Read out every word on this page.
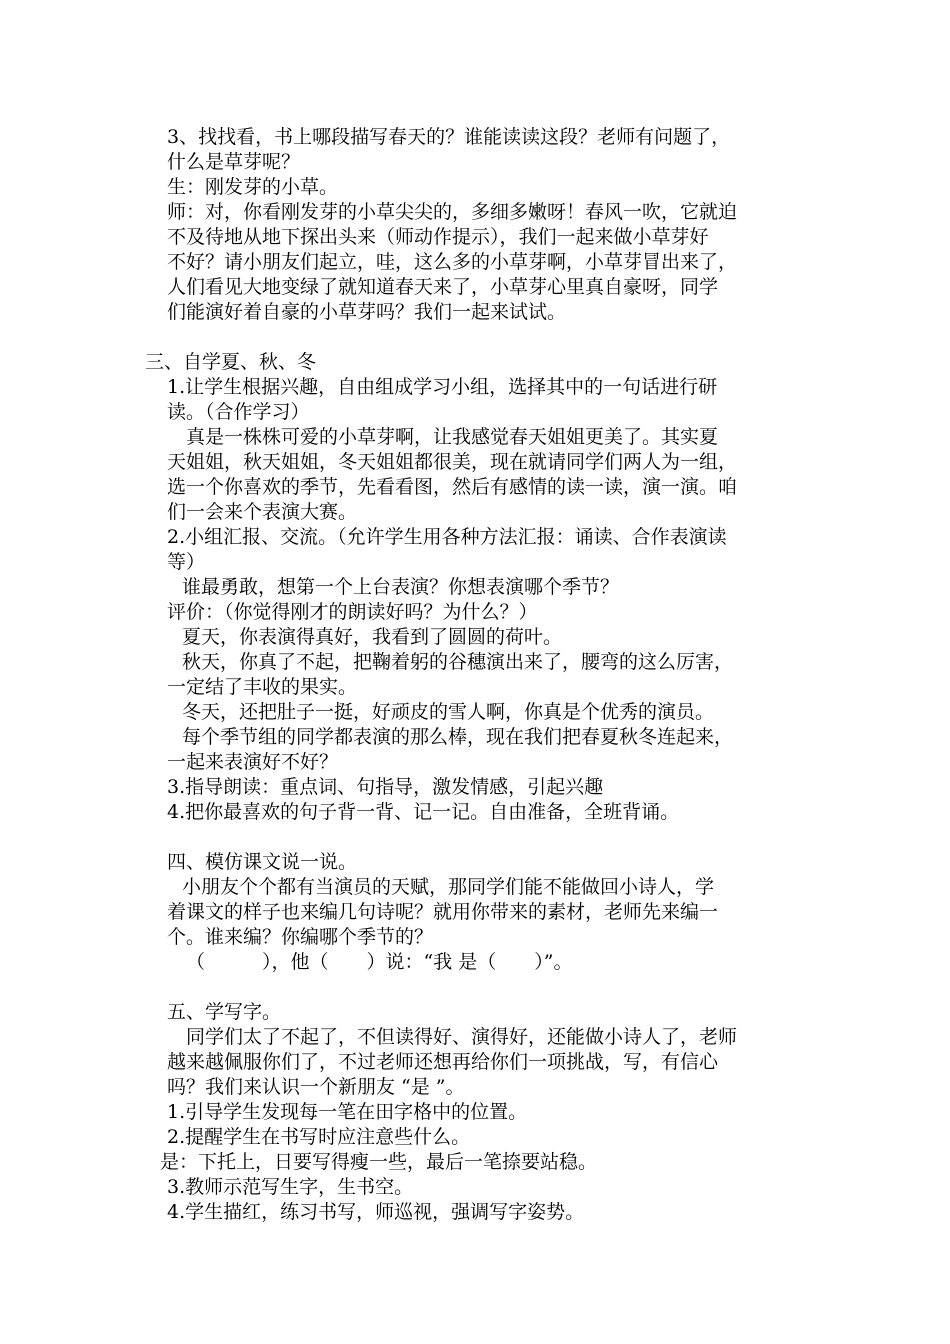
3、找找看，书上哪段描写春天的？谁能读读这段？老师有问题了，
什么是草芽呢？
生：刚发芽的小草。
师：对，你看刚发芽的小草尖尖的，多细多嫩呀！春风一吹，它就迫
不及待地从地下探出头来（师动作提示），我们一起来做小草芽好
不好？请小朋友们起立，哇，这么多的小草芽啊，小草芽冒出来了，
人们看见大地变绿了就知道春天来了，小草芽心里真自豪呀，同学
们能演好着自豪的小草芽吗？我们一起来试试。
三、自学夏、秋、冬
1.让学生根据兴趣，自由组成学习小组，选择其中的一句话进行研
读。（合作学习）
真是一株株可爱的小草芽啊，让我感觉春天姐姐更美了。其实夏
天姐姐，秋天姐姐，冬天姐姐都很美，现在就请同学们两人为一组，
选一个你喜欢的季节，先看看图，然后有感情的读一读，演一演。咱
们一会来个表演大赛。
2.小组汇报、交流。（允许学生用各种方法汇报：诵读、合作表演读
等）
谁最勇敢，想第一个上台表演？你想表演哪个季节？
评价：（你觉得刚才的朗读好吗？为什么？）
夏天，你表演得真好，我看到了圆圆的荷叶。
秋天，你真了不起，把鞠着躬的谷穗演出来了，腰弯的这么厉害，
一定结了丰收的果实。
冬天，还把肚子一挺，好顽皮的雪人啊，你真是个优秀的演员。
每个季节组的同学都表演的那么棒，现在我们把春夏秋冬连起来，
一起来表演好不好？
3.指导朗读：重点词、句指导，激发情感，引起兴趣
4.把你最喜欢的句子背一背、记一记。自由准备，全班背诵。
四、模仿课文说一说。
小朋友个个都有当演员的天赋，那同学们能不能做回小诗人，学
着课文的样子也来编几句诗呢？就用你带来的素材，老师先来编一
个。谁来编？你编哪个季节的？
（　　　），他（　　）说：“我 是（　　）”。
五、学写字。
同学们太了不起了，不但读得好、演得好，还能做小诗人了，老师
越来越佩服你们了，不过老师还想再给你们一项挑战，写，有信心
吗？我们来认识一个新朋友 “是 ”。
1.引导学生发现每一笔在田字格中的位置。
2.提醒学生在书写时应注意些什么。
是：下托上，日要写得瘦一些，最后一笔捺要站稳。
3.教师示范写生字，生书空。
4.学生描红，练习书写，师巡视，强调写字姿势。
